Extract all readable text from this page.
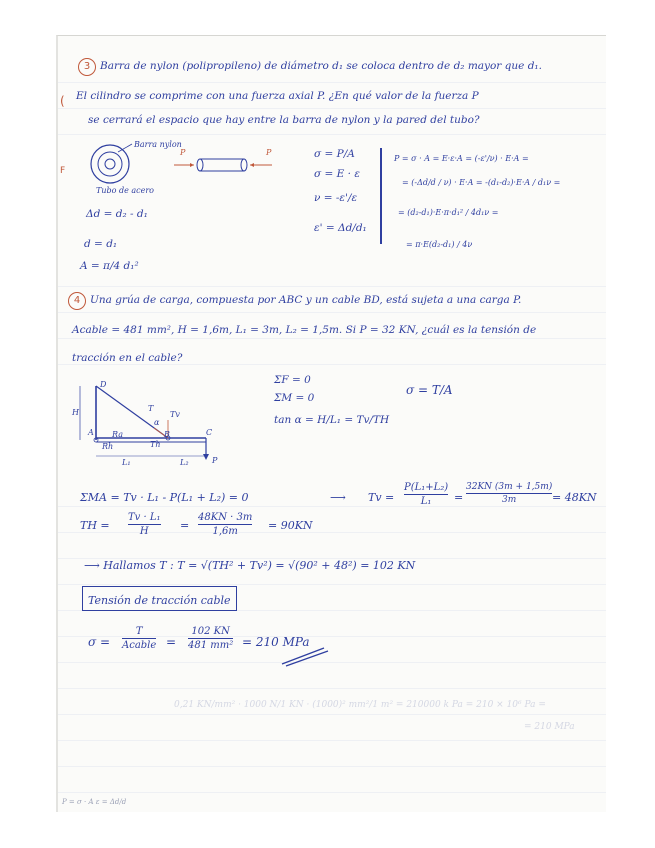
(
F
3 Barra de nylon (polipropileno) de diámetro d₁ se coloca dentro de d₂ mayor que d₁.
El cilindro se comprime con una fuerza axial P. ¿En qué valor de la fuerza P
se cerrará el espacio que hay entre la barra de nylon y la pared del tubo?
Barra nylon
Tubo de acero
P	P
Δd = d₂ - d₁
d = d₁
A = π/4 d₁²
σ = P/A
σ = E · ε
ν = -ε'/ε
ε' = Δd/d₁
P = σ · A = E·ε·A = (-ε'/ν) · E·A =
= (-Δd/d / ν) · E·A = -(d₁-d₂)·E·A / d₁ν =
= (d₂-d₁)·E·π·d₁² / 4d₁ν =
= π·E(d₂-d₁) / 4ν
4 Una grúa de carga, compuesta por ABC y un cable BD, está sujeta a una carga P.
Acable = 481 mm², H = 1,6m, L₁ = 3m, L₂ = 1,5m. Si P = 32 KN, ¿cuál es la tensión de
tracción en el cable?
D
H
A Ra
Rh
B
α
T
Tv
Th
C
P
L₁	L₂
ΣF = 0
ΣM = 0
tan α = H/L₁ = Tv/TH
σ = T/A
ΣMA = Tv · L₁ - P(L₁ + L₂) = 0	⟶ Tv =
P(L₁+L₂)
L₁ =
32KN (3m + 1,5m)
3m	= 48KN
TH =
Tv · L₁
H	=
48KN · 3m
1,6m	= 90KN
⟶ Hallamos T : T = √(TH² + Tv²) = √(90² + 48²) = 102 KN
Tensión de tracción cable
σ =
T
Acable =
102 KN
481 mm² = 210 MPa
0,21 KN/mm² · 1000 N/1 KN · (1000)² mm²/1 m² = 210000 k Pa = 210 × 10⁶ Pa =
= 210 MPa
P = σ · A ε = Δd/d
